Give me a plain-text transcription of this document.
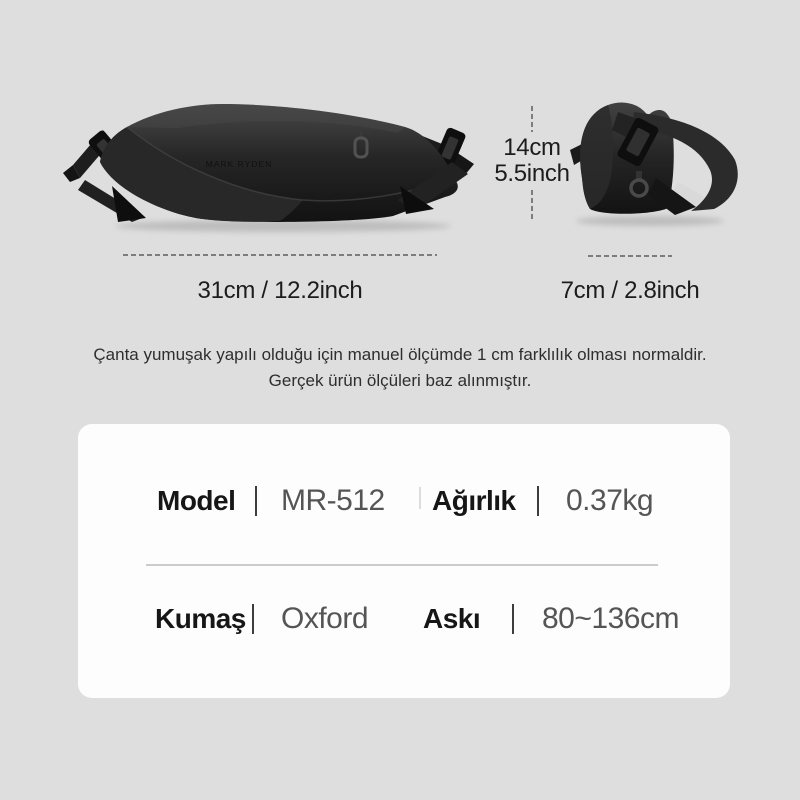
MARK RYDEN
31cm / 12.2inch
14cm
5.5inch
7cm / 2.8inch
Çanta yumuşak yapılı olduğu için manuel ölçümde 1 cm farklılık olması normaldir.
Gerçek ürün ölçüleri baz alınmıştır.
Model MR-512 Ağırlık 0.37kg
Kumaş Oxford Askı 80~136cm
